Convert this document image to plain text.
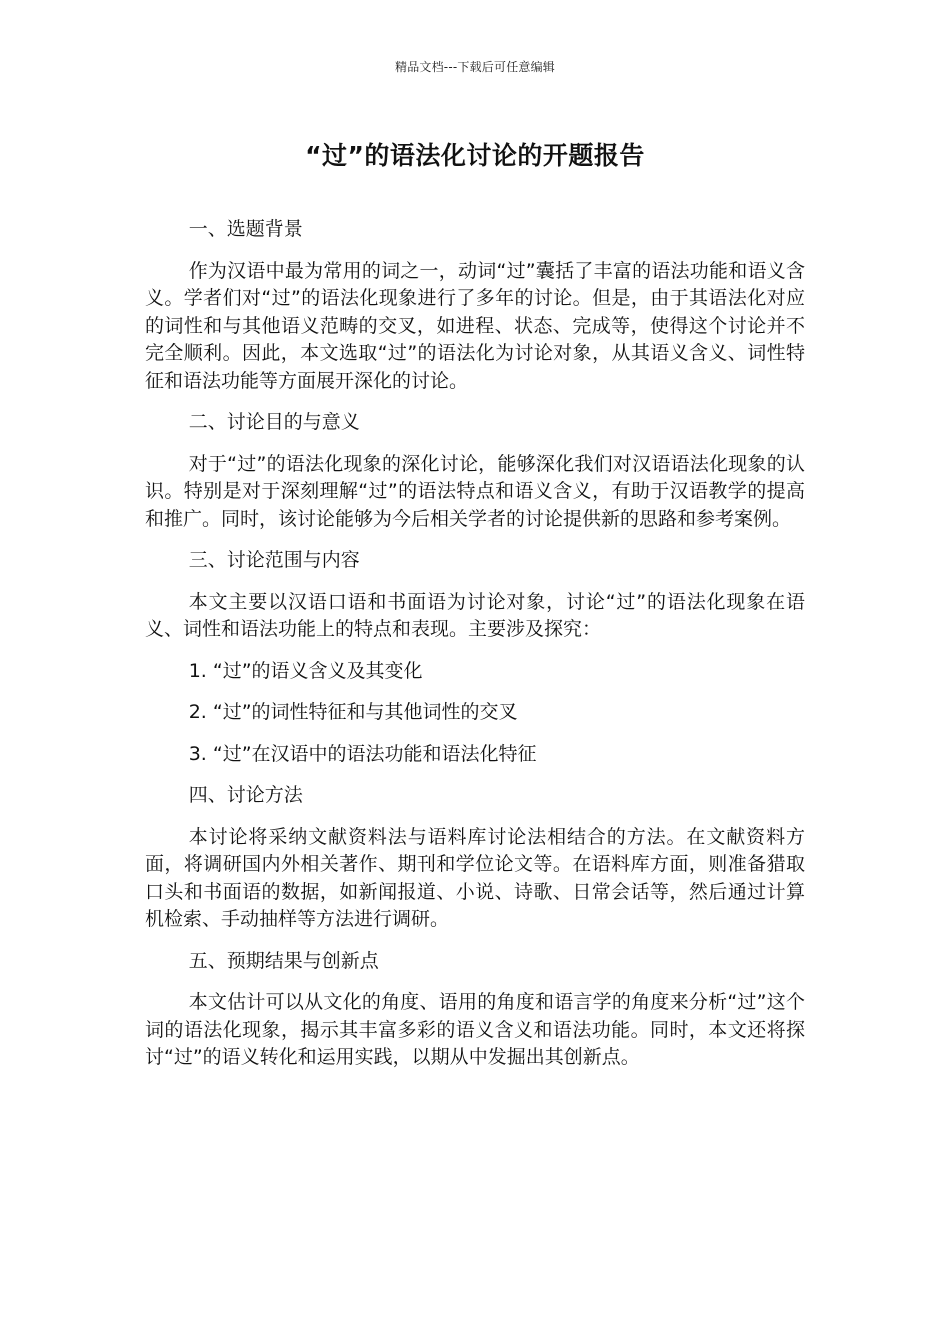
精品文档---下载后可任意编辑
“过”的语法化讨论的开题报告

一、选题背景

作为汉语中最为常用的词之一，动词“过”囊括了丰富的语法功能和语义含义。学者们对“过”的语法化现象进行了多年的讨论。但是，由于其语法化对应的词性和与其他语义范畴的交叉，如进程、状态、完成等，使得这个讨论并不完全顺利。因此，本文选取“过”的语法化为讨论对象，从其语义含义、词性特征和语法功能等方面展开深化的讨论。

二、讨论目的与意义

对于“过”的语法化现象的深化讨论，能够深化我们对汉语语法化现象的认识。特别是对于深刻理解“过”的语法特点和语义含义，有助于汉语教学的提高和推广。同时，该讨论能够为今后相关学者的讨论提供新的思路和参考案例。

三、讨论范围与内容

本文主要以汉语口语和书面语为讨论对象，讨论“过”的语法化现象在语义、词性和语法功能上的特点和表现。主要涉及探究：

1. “过”的语义含义及其变化

2. “过”的词性特征和与其他词性的交叉

3. “过”在汉语中的语法功能和语法化特征

四、讨论方法

本讨论将采纳文献资料法与语料库讨论法相结合的方法。在文献资料方面，将调研国内外相关著作、期刊和学位论文等。在语料库方面，则准备猎取口头和书面语的数据，如新闻报道、小说、诗歌、日常会话等，然后通过计算机检索、手动抽样等方法进行调研。

五、预期结果与创新点

本文估计可以从文化的角度、语用的角度和语言学的角度来分析“过”这个词的语法化现象，揭示其丰富多彩的语义含义和语法功能。同时，本文还将探讨“过”的语义转化和运用实践，以期从中发掘出其创新点。
